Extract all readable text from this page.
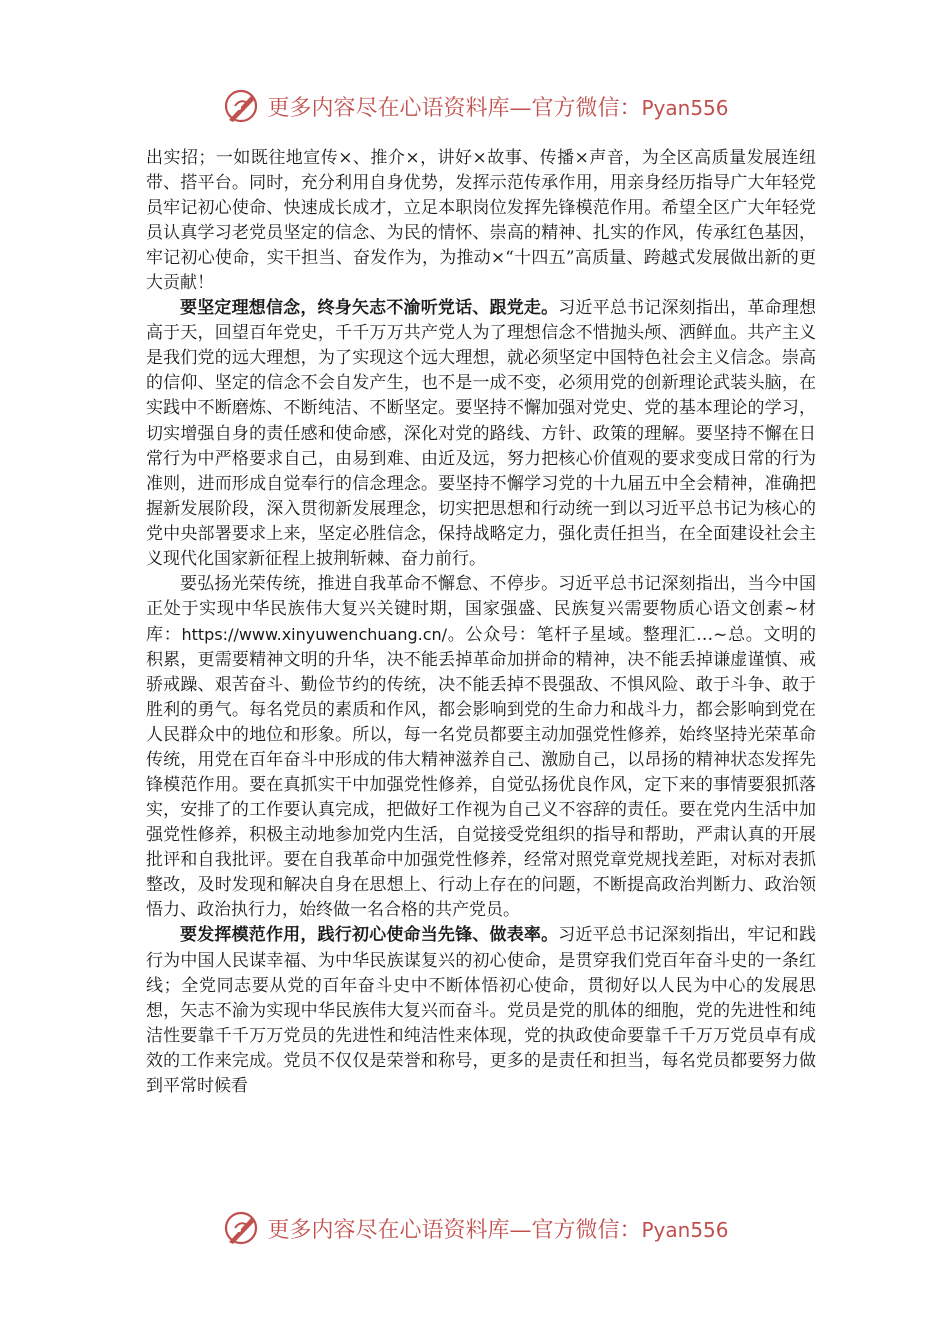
更多内容尽在心语资料库—官方微信：Pyan556

出实招；一如既往地宣传×、推介×，讲好×故事、传播×声音，为全区高质量发展连纽带、搭平台。同时，充分利用自身优势，发挥示范传承作用，用亲身经历指导广大年轻党员牢记初心使命、快速成长成才，立足本职岗位发挥先锋模范作用。希望全区广大年轻党员认真学习老党员坚定的信念、为民的情怀、崇高的精神、扎实的作风，传承红色基因，牢记初心使命，实干担当、奋发作为，为推动×“十四五”高质量、跨越式发展做出新的更大贡献！

要坚定理想信念，终身矢志不渝听党话、跟党走。习近平总书记深刻指出，革命理想高于天，回望百年党史，千千万万共产党人为了理想信念不惜抛头颅、洒鲜血。共产主义是我们党的远大理想，为了实现这个远大理想，就必须坚定中国特色社会主义信念。崇高的信仰、坚定的信念不会自发产生，也不是一成不变，必须用党的创新理论武装头脑，在实践中不断磨炼、不断纯洁、不断坚定。要坚持不懈加强对党史、党的基本理论的学习，切实增强自身的责任感和使命感，深化对党的路线、方针、政策的理解。要坚持不懈在日常行为中严格要求自己，由易到难、由近及远，努力把核心价值观的要求变成日常的行为准则，进而形成自觉奉行的信念理念。要坚持不懈学习党的十九届五中全会精神，准确把握新发展阶段，深入贯彻新发展理念，切实把思想和行动统一到以习近平总书记为核心的党中央部署要求上来，坚定必胜信念，保持战略定力，强化责任担当，在全面建设社会主义现代化国家新征程上披荆斩棘、奋力前行。

要弘扬光荣传统，推进自我革命不懈怠、不停步。习近平总书记深刻指出，当今中国正处于实现中华民族伟大复兴关键时期，国家强盛、民族复兴需要物质心语文创素~材库：https://www.xinyuwenchuang.cn/。公众号：笔杆子星域。整理汇…~总。文明的积累，更需要精神文明的升华，决不能丢掉革命加拼命的精神，决不能丢掉谦虚谨慎、戒骄戒躁、艰苦奋斗、勤俭节约的传统，决不能丢掉不畏强敌、不惧风险、敢于斗争、敢于胜利的勇气。每名党员的素质和作风，都会影响到党的生命力和战斗力，都会影响到党在人民群众中的地位和形象。所以，每一名党员都要主动加强党性修养，始终坚持光荣革命传统，用党在百年奋斗中形成的伟大精神滋养自己、激励自己，以昂扬的精神状态发挥先锋模范作用。要在真抓实干中加强党性修养，自觉弘扬优良作风，定下来的事情要狠抓落实，安排了的工作要认真完成，把做好工作视为自己义不容辞的责任。要在党内生活中加强党性修养，积极主动地参加党内生活，自觉接受党组织的指导和帮助，严肃认真的开展批评和自我批评。要在自我革命中加强党性修养，经常对照党章党规找差距，对标对表抓整改，及时发现和解决自身在思想上、行动上存在的问题，不断提高政治判断力、政治领悟力、政治执行力，始终做一名合格的共产党员。

要发挥模范作用，践行初心使命当先锋、做表率。习近平总书记深刻指出，牢记和践行为中国人民谋幸福、为中华民族谋复兴的初心使命，是贯穿我们党百年奋斗史的一条红线；全党同志要从党的百年奋斗史中不断体悟初心使命，贯彻好以人民为中心的发展思想，矢志不渝为实现中华民族伟大复兴而奋斗。党员是党的肌体的细胞，党的先进性和纯洁性要靠千千万万党员的先进性和纯洁性来体现，党的执政使命要靠千千万万党员卓有成效的工作来完成。党员不仅仅是荣誉和称号，更多的是责任和担当，每名党员都要努力做到平常时候看

更多内容尽在心语资料库—官方微信：Pyan556
